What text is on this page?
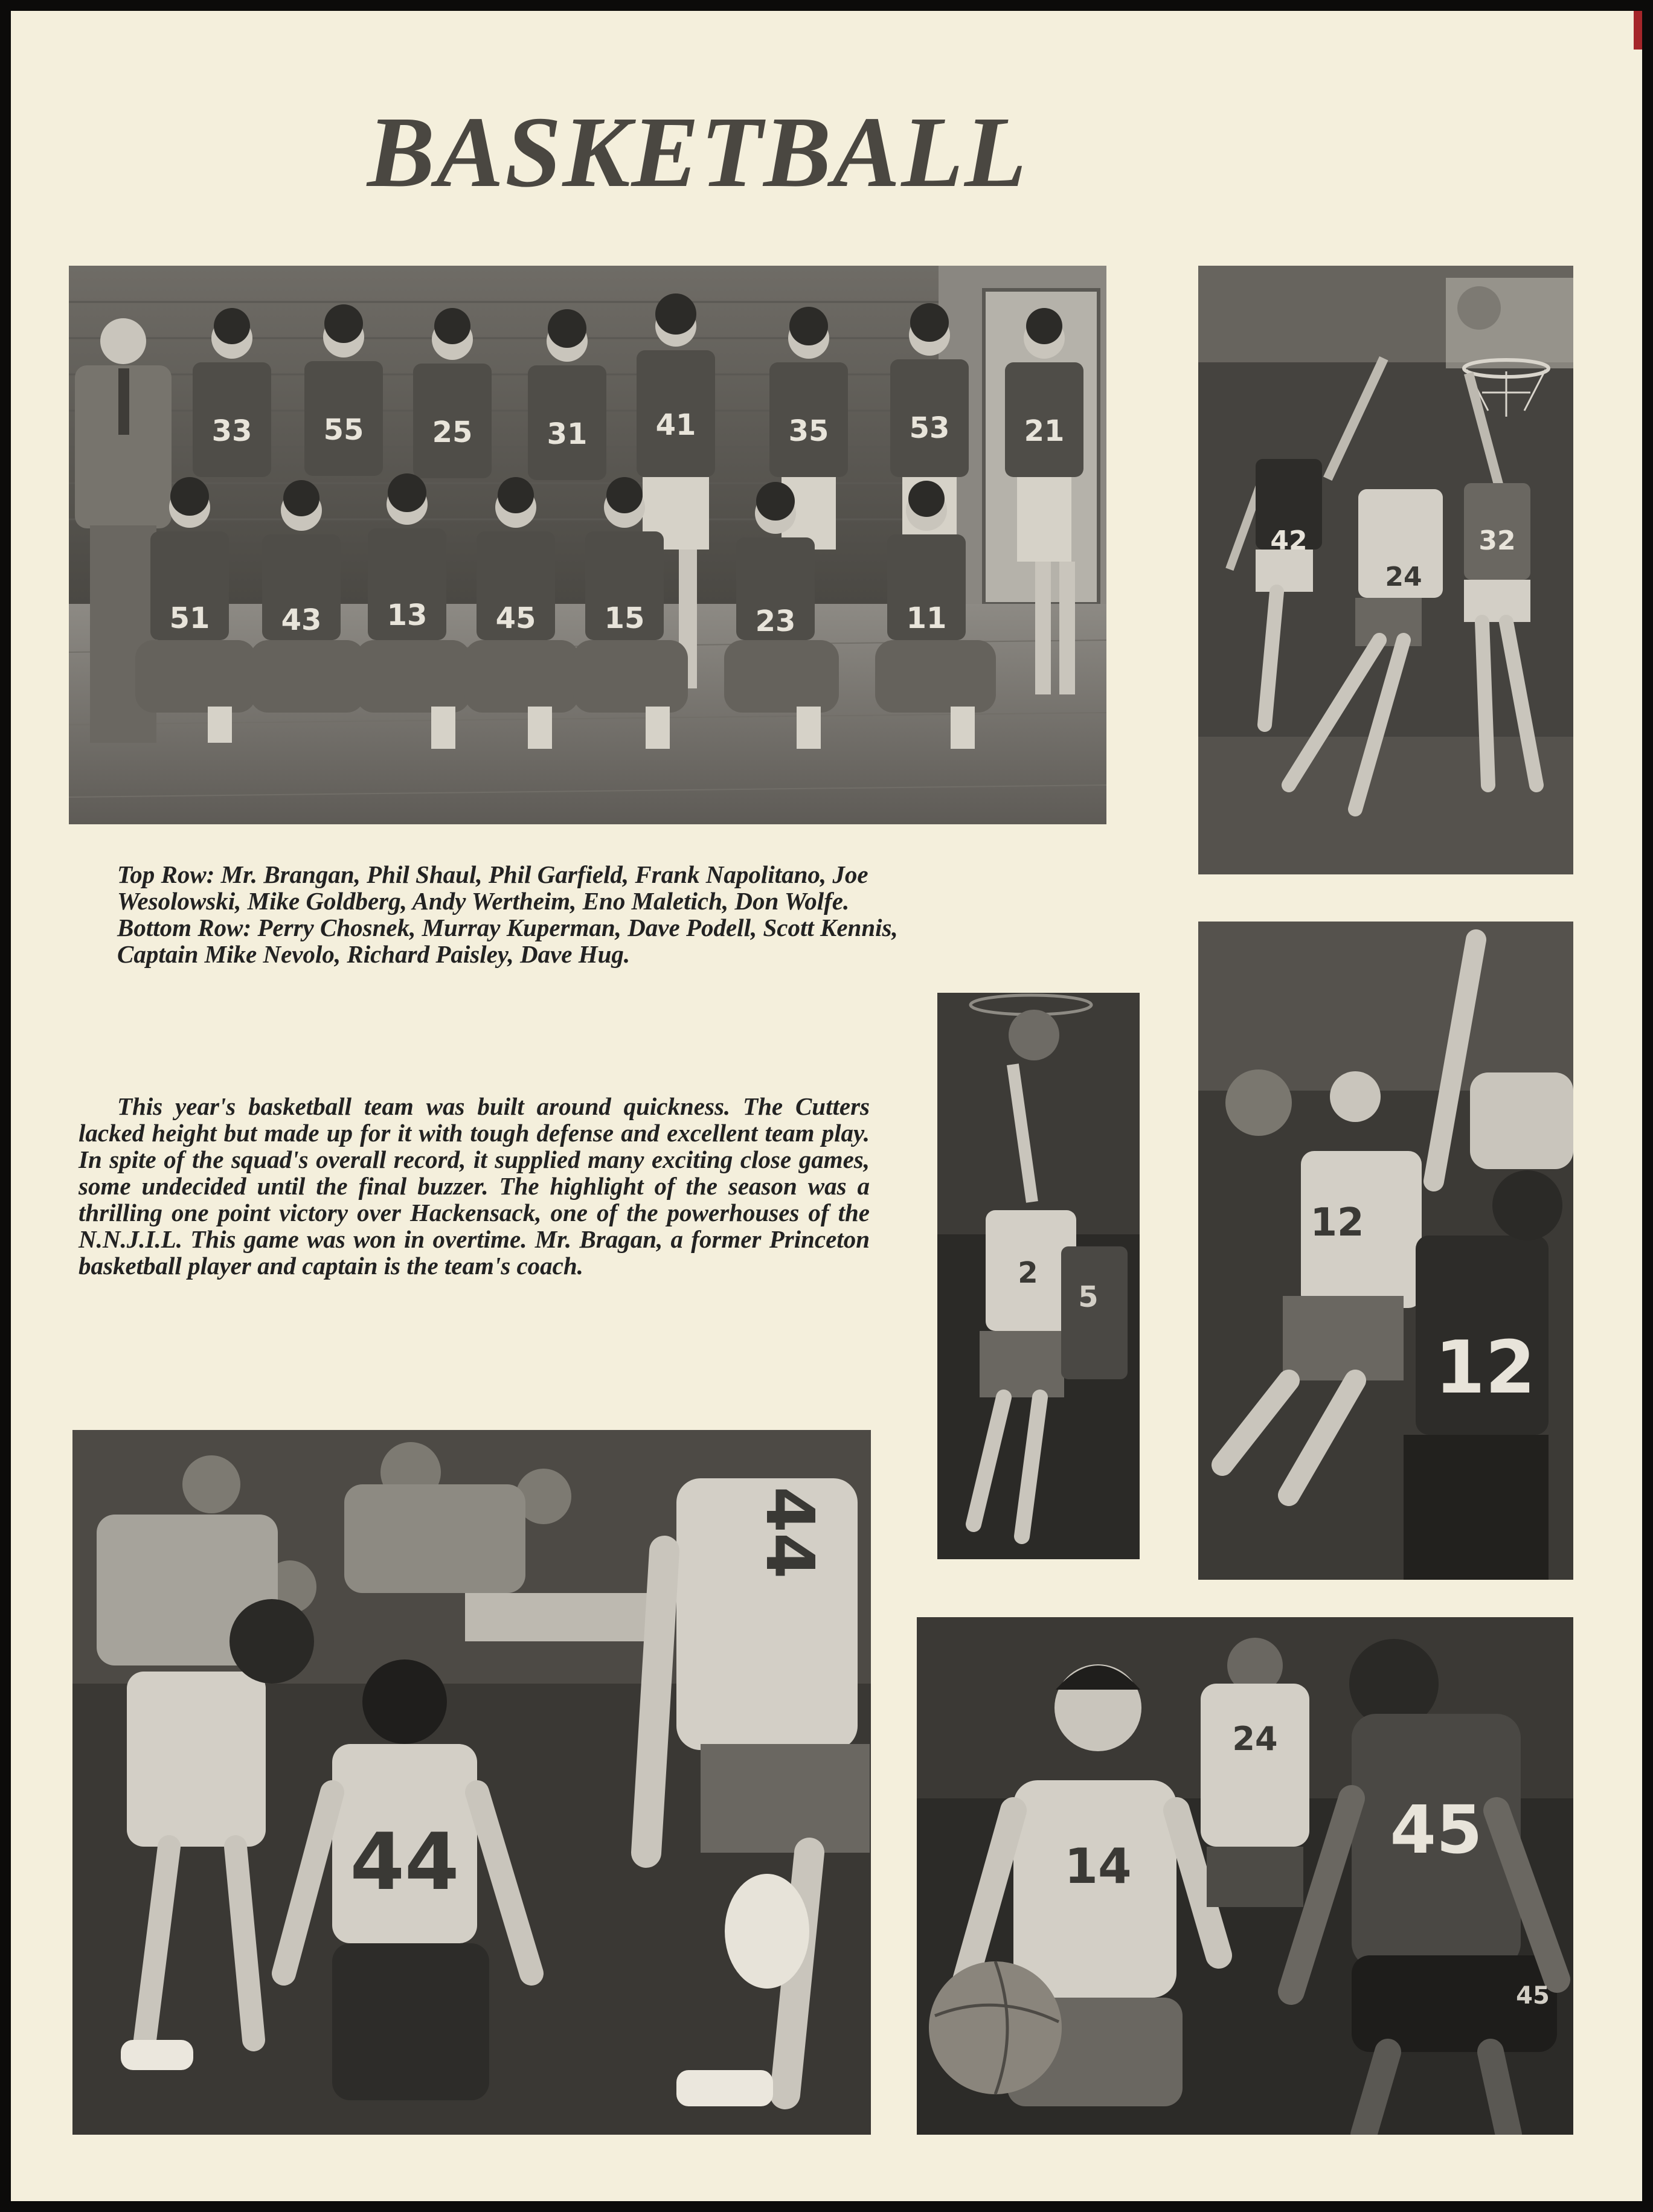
BASKETBALL
33 55 25	31 41	35	53	21
51 43 13 45 15	23	11
42
24
32

Top Row: Mr. Brangan, Phil Shaul, Phil Garfield, Frank Napolitano, Joe
Wesolowski, Mike Goldberg, Andy Wertheim, Eno Maletich, Don Wolfe.
Bottom Row: Perry Chosnek, Murray Kuperman, Dave Podell, Scott Kennis,
Captain Mike Nevolo, Richard Paisley, Dave Hug.

This year's basketball team was built around quickness. The Cutters lacked height but made up for it with tough defense and excellent team play. In spite of the squad's overall record, it supplied many exciting close games, some undecided until the final buzzer. The highlight of the season was a thrilling one point victory over Hackensack, one of the powerhouses of the N.N.J.I.L. This game was won in overtime. Mr. Bragan, a former Princeton basketball player and captain is the team's coach.	2
5
12
12
44
44
14
24
45
45
